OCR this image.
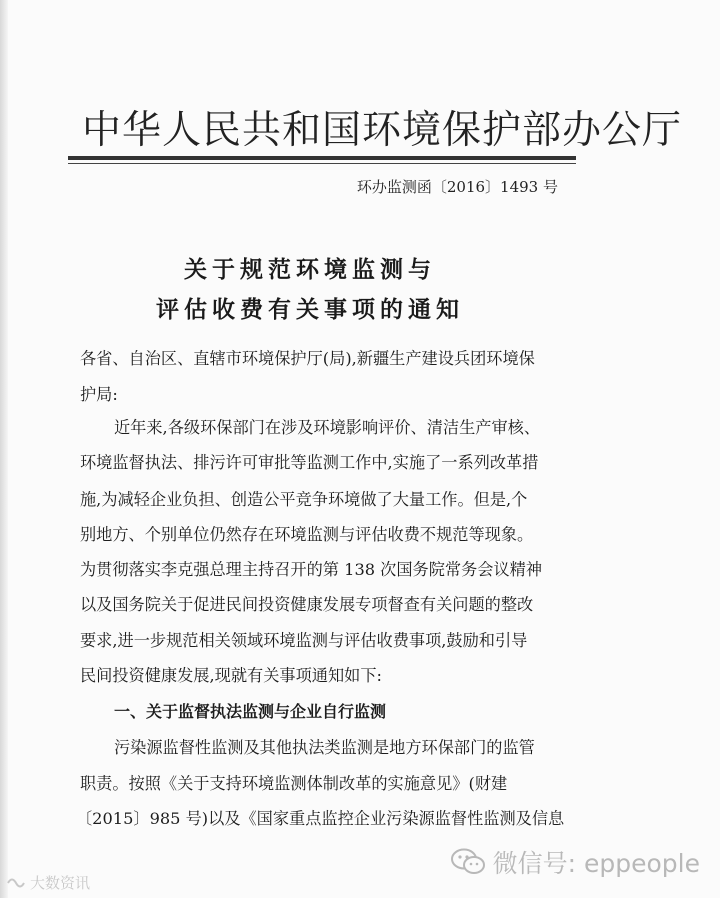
中华人民共和国环境保护部办公厅
环办监测函〔2016〕1493 号
关于规范环境监测与
评估收费有关事项的通知
各省、自治区、直辖市环境保护厅(局),新疆生产建设兵团环境保
护局:
近年来,各级环保部门在涉及环境影响评价、清洁生产审核、
环境监督执法、排污许可审批等监测工作中,实施了一系列改革措
施,为减轻企业负担、创造公平竞争环境做了大量工作。但是,个
别地方、个别单位仍然存在环境监测与评估收费不规范等现象。
为贯彻落实李克强总理主持召开的第 138 次国务院常务会议精神
以及国务院关于促进民间投资健康发展专项督查有关问题的整改
要求,进一步规范相关领域环境监测与评估收费事项,鼓励和引导
民间投资健康发展,现就有关事项通知如下:
一、关于监督执法监测与企业自行监测
污染源监督性监测及其他执法类监测是地方环保部门的监管
职责。按照《关于支持环境监测体制改革的实施意见》(财建
〔2015〕985 号)以及《国家重点监控企业污染源监督性监测及信息
微信号: eppeople
大数资讯
